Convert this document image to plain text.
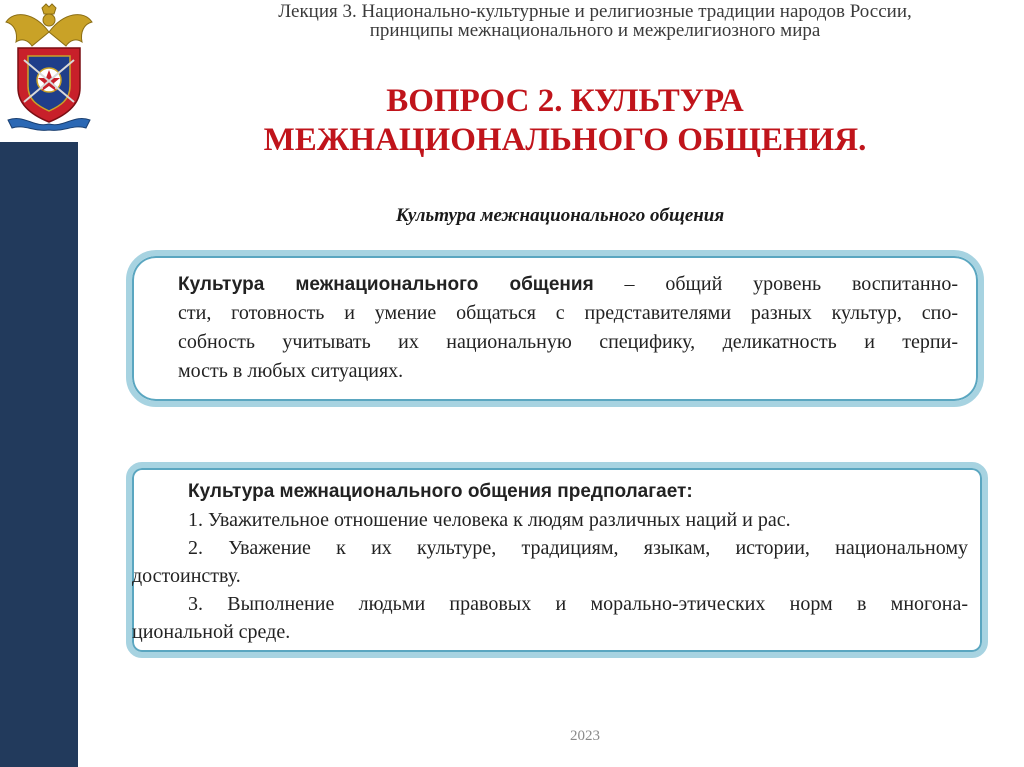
Лекция 3. Национально-культурные и религиозные традиции народов России,
принципы межнационального и межрелигиозного мира
ВОПРОС 2. КУЛЬТУРА
МЕЖНАЦИОНАЛЬНОГО ОБЩЕНИЯ.
Культура межнационального общения
Культура межнационального общения – общий уровень воспитанно-
сти, готовность и умение общаться с представителями разных культур, спо-
собность учитывать их национальную специфику, деликатность и терпи-
мость в любых ситуациях.
Культура межнационального общения предполагает:
1. Уважительное отношение человека к людям различных наций и рас.
2. Уважение к их культуре, традициям, языкам, истории, национальному
достоинству.
3. Выполнение людьми правовых и морально-этических норм в многона-
циональной среде.
2023
